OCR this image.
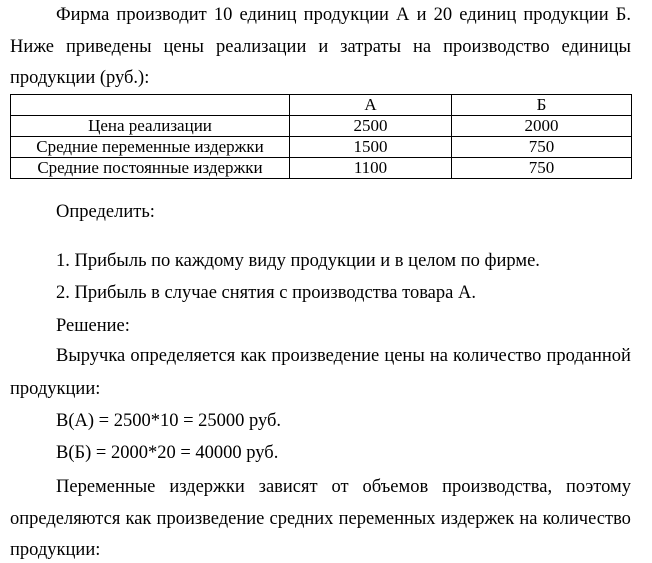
Фирма производит 10 единиц продукции А и 20 единиц продукции Б.
Ниже приведены цены реализации и затраты на производство единицы
продукции (руб.):
	А	Б
Цена реализации	2500	2000
Средние переменные издержки	1500	750
Средние постоянные издержки	1100	750
Определить:
1. Прибыль по каждому виду продукции и в целом по фирме.
2. Прибыль в случае снятия с производства товара А.
Решение:
Выручка определяется как произведение цены на количество проданной
продукции:
В(А) = 2500*10 = 25000 руб.
В(Б) = 2000*20 = 40000 руб.
Переменные издержки зависят от объемов производства, поэтому
определяются как произведение средних переменных издержек на количество
продукции:
